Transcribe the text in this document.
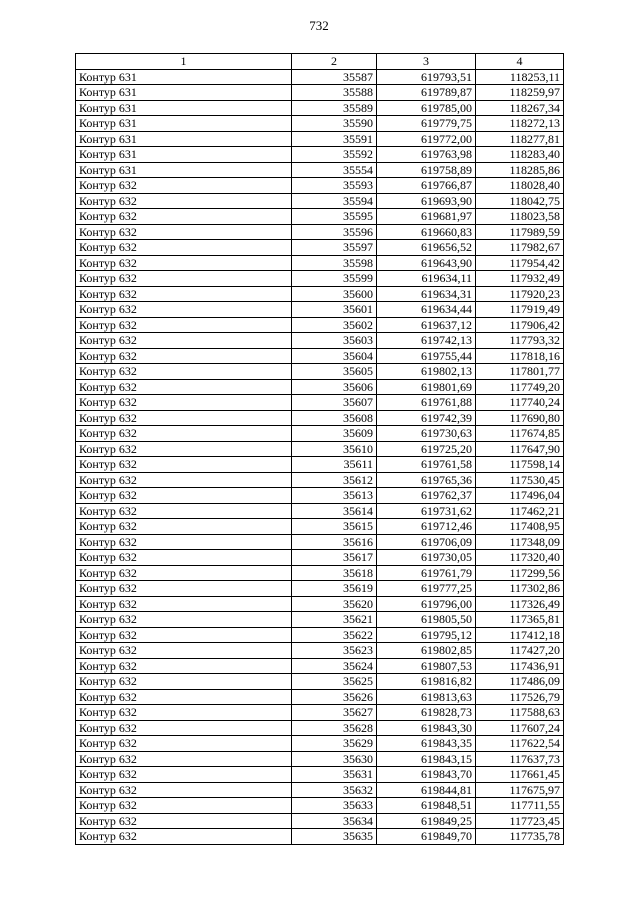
732
1	2	3	4
Контур 631	35587	619793,51	118253,11
Контур 631	35588	619789,87	118259,97
Контур 631	35589	619785,00	118267,34
Контур 631	35590	619779,75	118272,13
Контур 631	35591	619772,00	118277,81
Контур 631	35592	619763,98	118283,40
Контур 631	35554	619758,89	118285,86
Контур 632	35593	619766,87	118028,40
Контур 632	35594	619693,90	118042,75
Контур 632	35595	619681,97	118023,58
Контур 632	35596	619660,83	117989,59
Контур 632	35597	619656,52	117982,67
Контур 632	35598	619643,90	117954,42
Контур 632	35599	619634,11	117932,49
Контур 632	35600	619634,31	117920,23
Контур 632	35601	619634,44	117919,49
Контур 632	35602	619637,12	117906,42
Контур 632	35603	619742,13	117793,32
Контур 632	35604	619755,44	117818,16
Контур 632	35605	619802,13	117801,77
Контур 632	35606	619801,69	117749,20
Контур 632	35607	619761,88	117740,24
Контур 632	35608	619742,39	117690,80
Контур 632	35609	619730,63	117674,85
Контур 632	35610	619725,20	117647,90
Контур 632	35611	619761,58	117598,14
Контур 632	35612	619765,36	117530,45
Контур 632	35613	619762,37	117496,04
Контур 632	35614	619731,62	117462,21
Контур 632	35615	619712,46	117408,95
Контур 632	35616	619706,09	117348,09
Контур 632	35617	619730,05	117320,40
Контур 632	35618	619761,79	117299,56
Контур 632	35619	619777,25	117302,86
Контур 632	35620	619796,00	117326,49
Контур 632	35621	619805,50	117365,81
Контур 632	35622	619795,12	117412,18
Контур 632	35623	619802,85	117427,20
Контур 632	35624	619807,53	117436,91
Контур 632	35625	619816,82	117486,09
Контур 632	35626	619813,63	117526,79
Контур 632	35627	619828,73	117588,63
Контур 632	35628	619843,30	117607,24
Контур 632	35629	619843,35	117622,54
Контур 632	35630	619843,15	117637,73
Контур 632	35631	619843,70	117661,45
Контур 632	35632	619844,81	117675,97
Контур 632	35633	619848,51	117711,55
Контур 632	35634	619849,25	117723,45
Контур 632	35635	619849,70	117735,78
